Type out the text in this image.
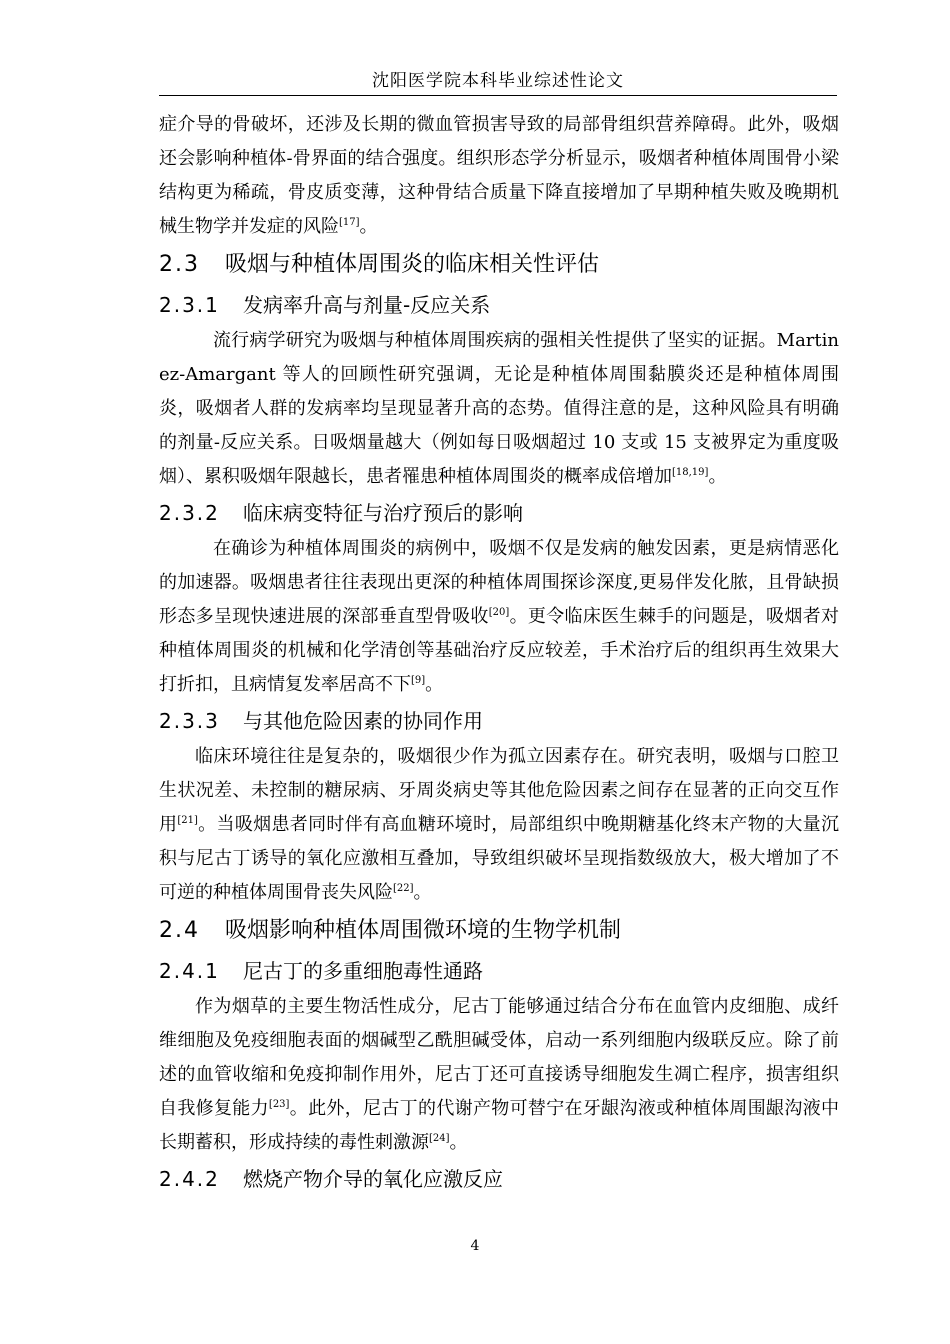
沈阳医学院本科毕业综述性论文

症介导的骨破坏，还涉及长期的微血管损害导致的局部骨组织营养障碍。此外，吸烟还会影响种植体-骨界面的结合强度。组织形态学分析显示，吸烟者种植体周围骨小梁结构更为稀疏，骨皮质变薄，这种骨结合质量下降直接增加了早期种植失败及晚期机械生物学并发症的风险[17]。

2.3 吸烟与种植体周围炎的临床相关性评估
2.3.1 发病率升高与剂量-反应关系

流行病学研究为吸烟与种植体周围疾病的强相关性提供了坚实的证据。Martinez-Amargant 等人的回顾性研究强调，无论是种植体周围黏膜炎还是种植体周围炎，吸烟者人群的发病率均呈现显著升高的态势。值得注意的是，这种风险具有明确的剂量-反应关系。日吸烟量越大（例如每日吸烟超过 10 支或 15 支被界定为重度吸烟）、累积吸烟年限越长，患者罹患种植体周围炎的概率成倍增加[18,19]。

2.3.2 临床病变特征与治疗预后的影响

在确诊为种植体周围炎的病例中，吸烟不仅是发病的触发因素，更是病情恶化的加速器。吸烟患者往往表现出更深的种植体周围探诊深度,更易伴发化脓，且骨缺损形态多呈现快速进展的深部垂直型骨吸收[20]。更令临床医生棘手的问题是，吸烟者对种植体周围炎的机械和化学清创等基础治疗反应较差，手术治疗后的组织再生效果大打折扣，且病情复发率居高不下[9]。

2.3.3 与其他危险因素的协同作用

临床环境往往是复杂的，吸烟很少作为孤立因素存在。研究表明，吸烟与口腔卫生状况差、未控制的糖尿病、牙周炎病史等其他危险因素之间存在显著的正向交互作用[21]。当吸烟患者同时伴有高血糖环境时，局部组织中晚期糖基化终末产物的大量沉积与尼古丁诱导的氧化应激相互叠加，导致组织破坏呈现指数级放大，极大增加了不可逆的种植体周围骨丧失风险[22]。

2.4 吸烟影响种植体周围微环境的生物学机制
2.4.1 尼古丁的多重细胞毒性通路

作为烟草的主要生物活性成分，尼古丁能够通过结合分布在血管内皮细胞、成纤维细胞及免疫细胞表面的烟碱型乙酰胆碱受体，启动一系列细胞内级联反应。除了前述的血管收缩和免疫抑制作用外，尼古丁还可直接诱导细胞发生凋亡程序，损害组织自我修复能力[23]。此外，尼古丁的代谢产物可替宁在牙龈沟液或种植体周围龈沟液中长期蓄积，形成持续的毒性刺激源[24]。

2.4.2 燃烧产物介导的氧化应激反应
4
